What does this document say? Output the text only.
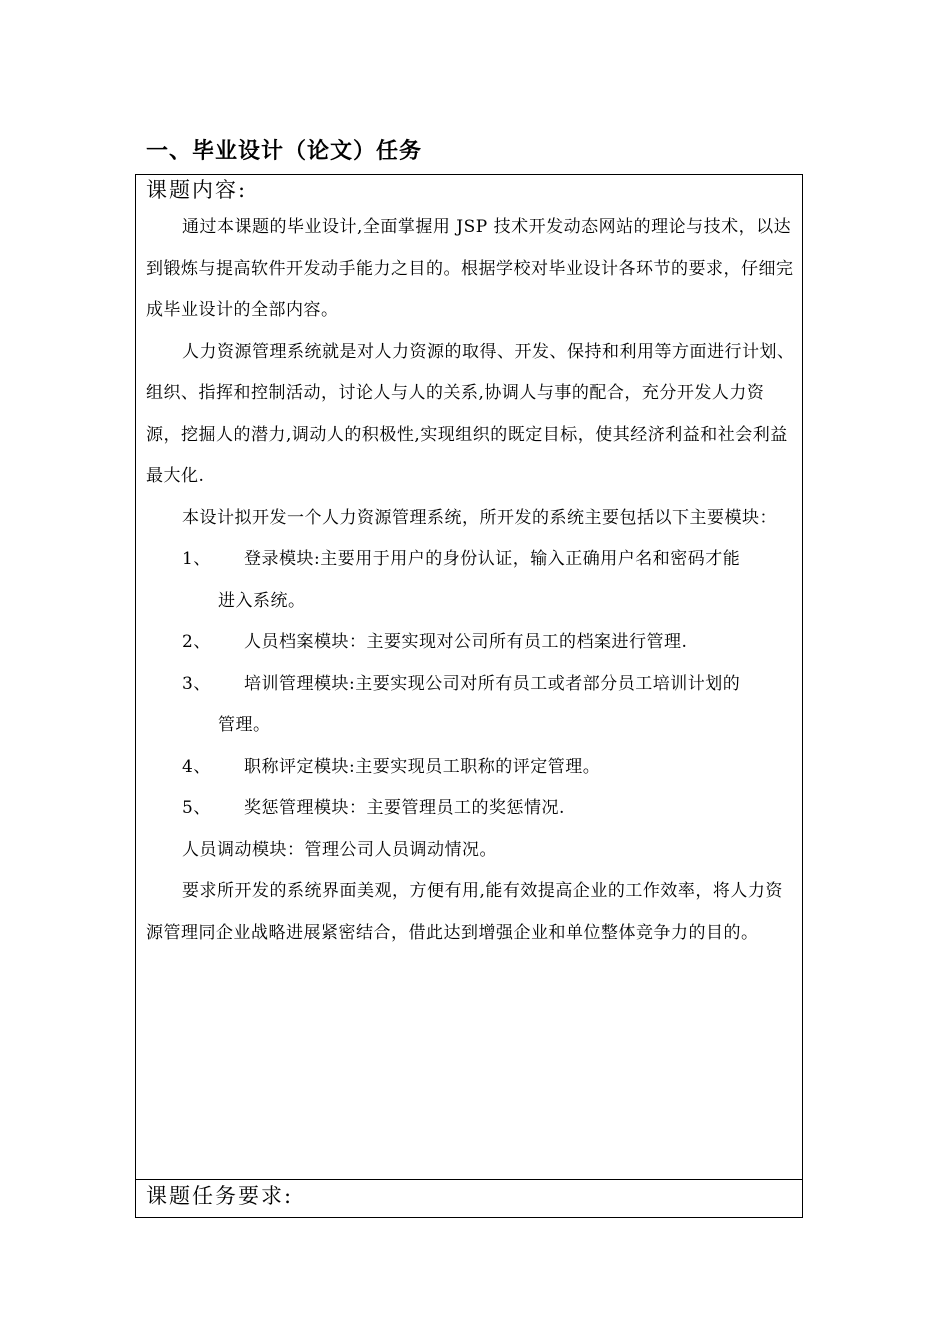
一、毕业设计（论文）任务
课题内容:

通过本课题的毕业设计,全面掌握用 JSP 技术开发动态网站的理论与技术，以达到锻炼与提高软件开发动手能力之目的。根据学校对毕业设计各环节的要求，仔细完成毕业设计的全部内容。

人力资源管理系统就是对人力资源的取得、开发、保持和利用等方面进行计划、组织、指挥和控制活动，讨论人与人的关系,协调人与事的配合，充分开发人力资源，挖掘人的潜力,调动人的积极性,实现组织的既定目标，使其经济利益和社会利益最大化.

本设计拟开发一个人力资源管理系统，所开发的系统主要包括以下主要模块：

1、	登录模块:主要用于用户的身份认证，输入正确用户名和密码才能
进入系统。
2、	人员档案模块：主要实现对公司所有员工的档案进行管理.
3、	培训管理模块:主要实现公司对所有员工或者部分员工培训计划的
管理。
4、	职称评定模块:主要实现员工职称的评定管理。
5、	奖惩管理模块：主要管理员工的奖惩情况.

人员调动模块：管理公司人员调动情况。

要求所开发的系统界面美观，方便有用,能有效提高企业的工作效率，将人力资源管理同企业战略进展紧密结合，借此达到增强企业和单位整体竞争力的目的。

课题任务要求:
